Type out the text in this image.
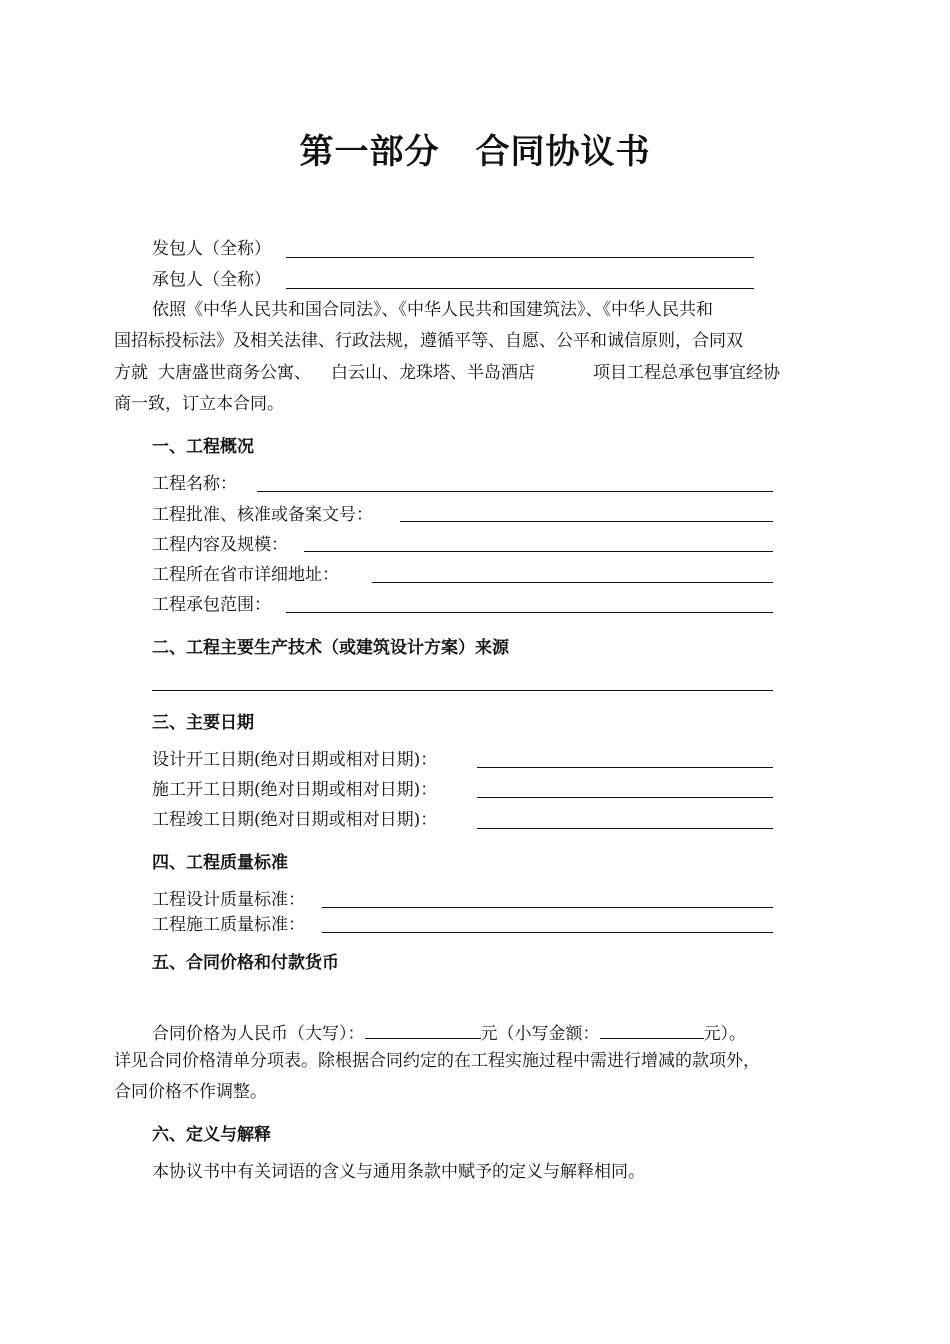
第一部分 合同协议书
发包人（全称）
承包人（全称）
依照《中华人民共和国合同法》、《中华人民共和国建筑法》、《中华人民共和
国招标投标法》及相关法律、行政法规，遵循平等、自愿、公平和诚信原则，合同双
方就 大唐盛世商务公寓、 白云山、龙珠塔、半岛酒店	项目工程总承包事宜经协
商一致，订立本合同。
一、工程概况
工程名称：
工程批准、核准或备案文号：
工程内容及规模：
工程所在省市详细地址：
工程承包范围：
二、工程主要生产技术（或建筑设计方案）来源
三、主要日期
设计开工日期(绝对日期或相对日期)：
施工开工日期(绝对日期或相对日期)：
工程竣工日期(绝对日期或相对日期)：
四、工程质量标准
工程设计质量标准：
工程施工质量标准：
五、合同价格和付款货币
合同价格为人民币（大写）：	元（小写金额：	元）。
详见合同价格清单分项表。除根据合同约定的在工程实施过程中需进行增减的款项外，
合同价格不作调整。
六、定义与解释
本协议书中有关词语的含义与通用条款中赋予的定义与解释相同。
